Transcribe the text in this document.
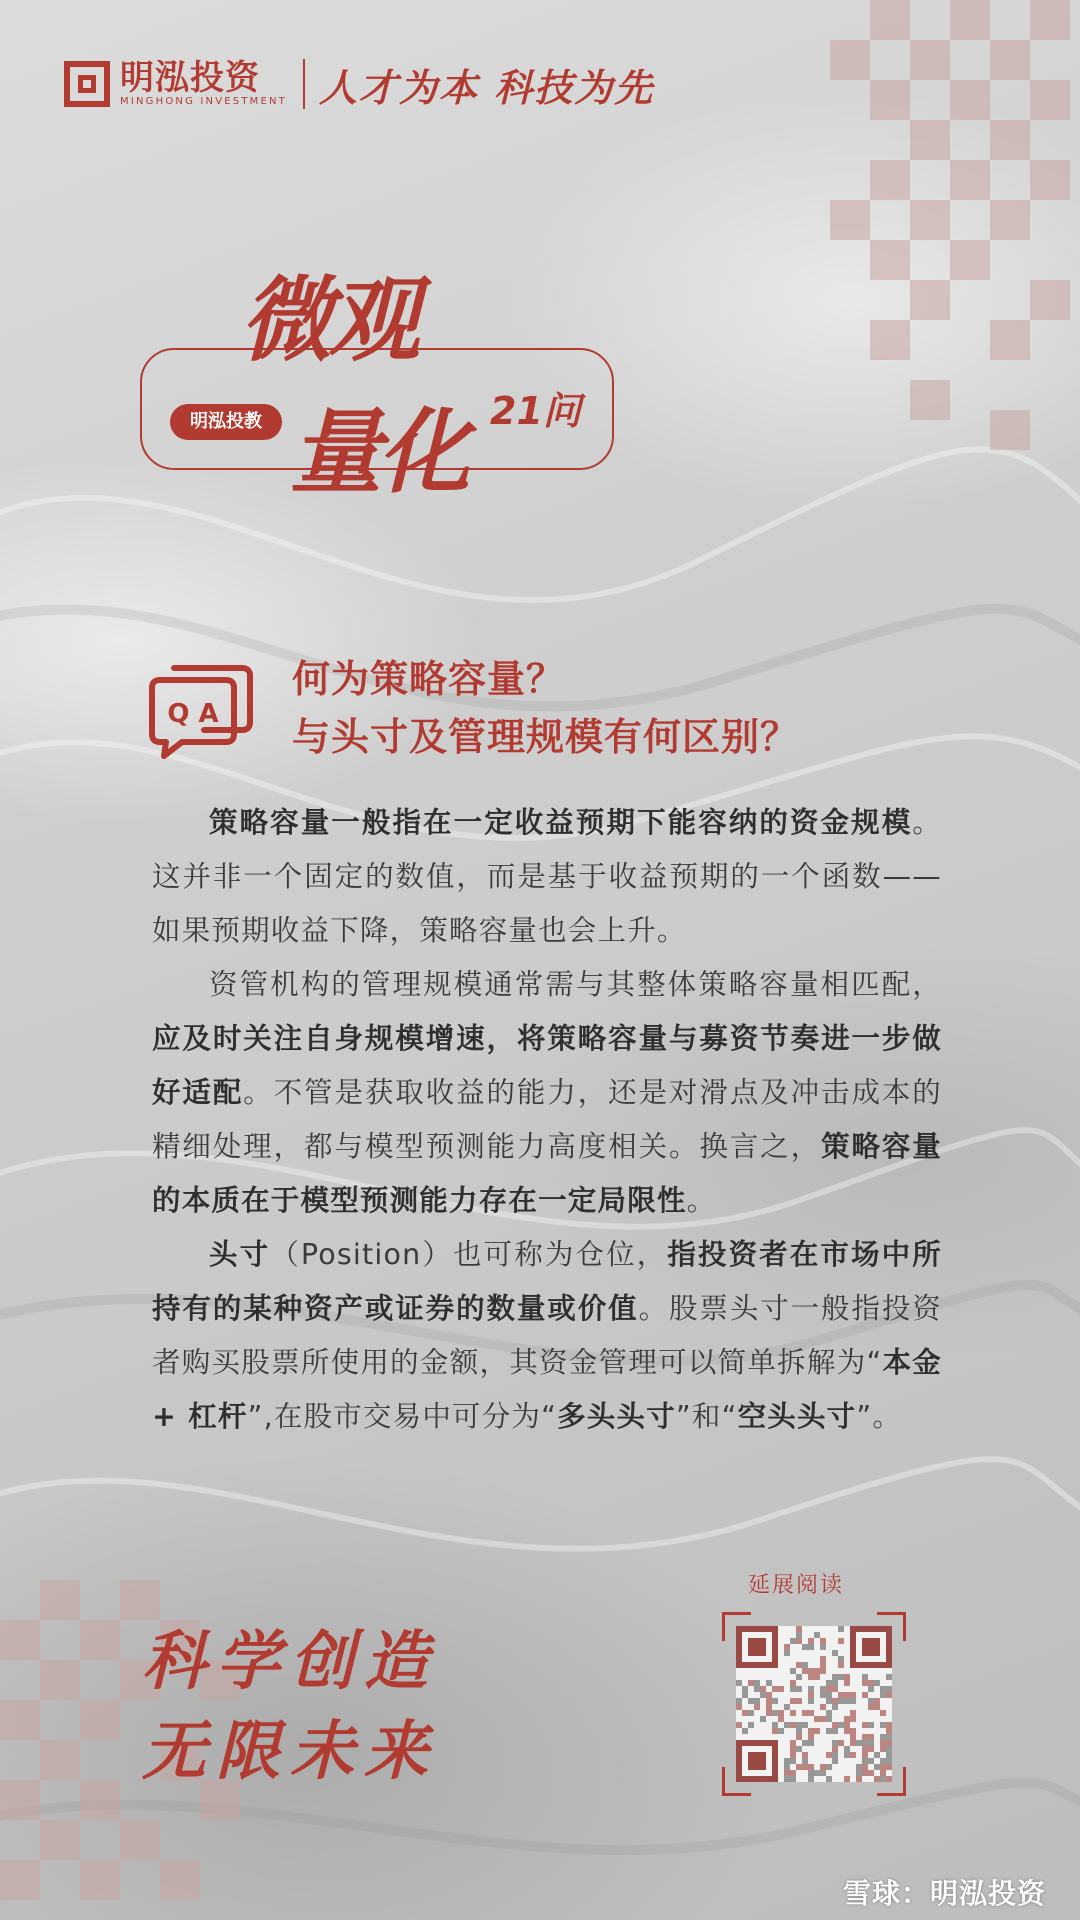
明泓投资
MINGHONG INVESTMENT 人才为本 科技为先
微观
量化
明泓投教	21问
Q A
何为策略容量？
与头寸及管理规模有何区别？

策略容量一般指在一定收益预期下能容纳的资金规模。这并非一个固定的数值，而是基于收益预期的一个函数——如果预期收益下降，策略容量也会上升。

资管机构的管理规模通常需与其整体策略容量相匹配，应及时关注自身规模增速，将策略容量与募资节奏进一步做好适配。不管是获取收益的能力，还是对滑点及冲击成本的精细处理，都与模型预测能力高度相关。换言之，策略容量的本质在于模型预测能力存在一定局限性。

头寸（Position）也可称为仓位，指投资者在市场中所持有的某种资产或证券的数量或价值。股票头寸一般指投资者购买股票所使用的金额，其资金管理可以简单拆解为“本金 + 杠杆”,在股市交易中可分为“多头头寸”和“空头头寸”。

科学创造
无限未来
延展阅读
雪球：明泓投资
